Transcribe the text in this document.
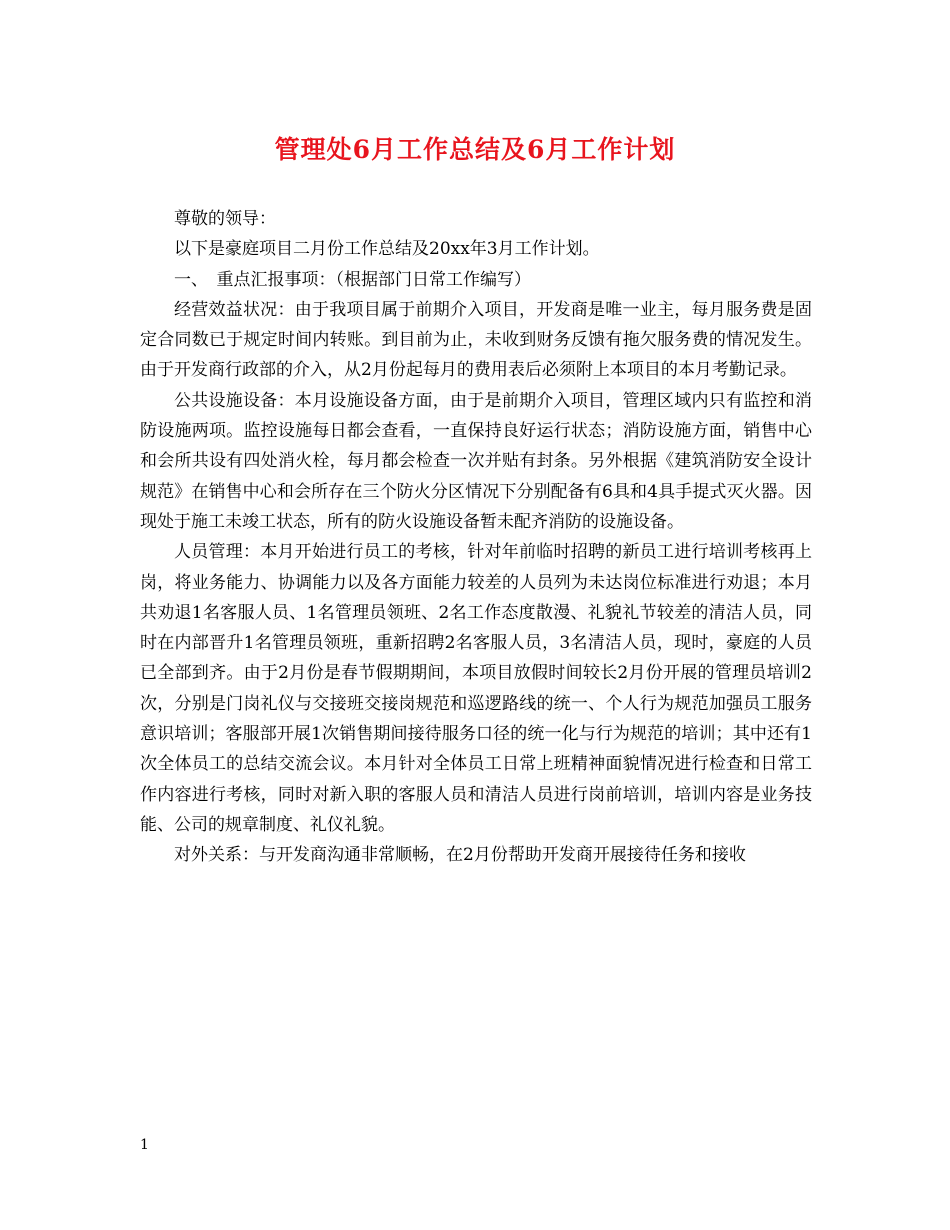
管理处6月工作总结及6月工作计划

尊敬的领导：

以下是豪庭项目二月份工作总结及20xx年3月工作计划。

一、　重点汇报事项：（根据部门日常工作编写）

经营效益状况：由于我项目属于前期介入项目，开发商是唯一业主，每月服务费是固定合同数已于规定时间内转账。到目前为止，未收到财务反馈有拖欠服务费的情况发生。由于开发商行政部的介入，从2月份起每月的费用表后必须附上本项目的本月考勤记录。

公共设施设备：本月设施设备方面，由于是前期介入项目，管理区域内只有监控和消防设施两项。监控设施每日都会查看，一直保持良好运行状态；消防设施方面，销售中心和会所共设有四处消火栓，每月都会检查一次并贴有封条。另外根据《建筑消防安全设计规范》在销售中心和会所存在三个防火分区情况下分别配备有6具和4具手提式灭火器。因现处于施工未竣工状态，所有的防火设施设备暂未配齐消防的设施设备。

人员管理：本月开始进行员工的考核，针对年前临时招聘的新员工进行培训考核再上岗，将业务能力、协调能力以及各方面能力较差的人员列为未达岗位标准进行劝退；本月共劝退1名客服人员、1名管理员领班、2名工作态度散漫、礼貌礼节较差的清洁人员，同时在内部晋升1名管理员领班，重新招聘2名客服人员，3名清洁人员，现时，豪庭的人员已全部到齐。由于2月份是春节假期期间，本项目放假时间较长2月份开展的管理员培训2次，分别是门岗礼仪与交接班交接岗规范和巡逻路线的统一、个人行为规范加强员工服务意识培训；客服部开展1次销售期间接待服务口径的统一化与行为规范的培训；其中还有1次全体员工的总结交流会议。本月针对全体员工日常上班精神面貌情况进行检查和日常工作内容进行考核，同时对新入职的客服人员和清洁人员进行岗前培训，培训内容是业务技能、公司的规章制度、礼仪礼貌。

对外关系：与开发商沟通非常顺畅，在2月份帮助开发商开展接待任务和接收

1
